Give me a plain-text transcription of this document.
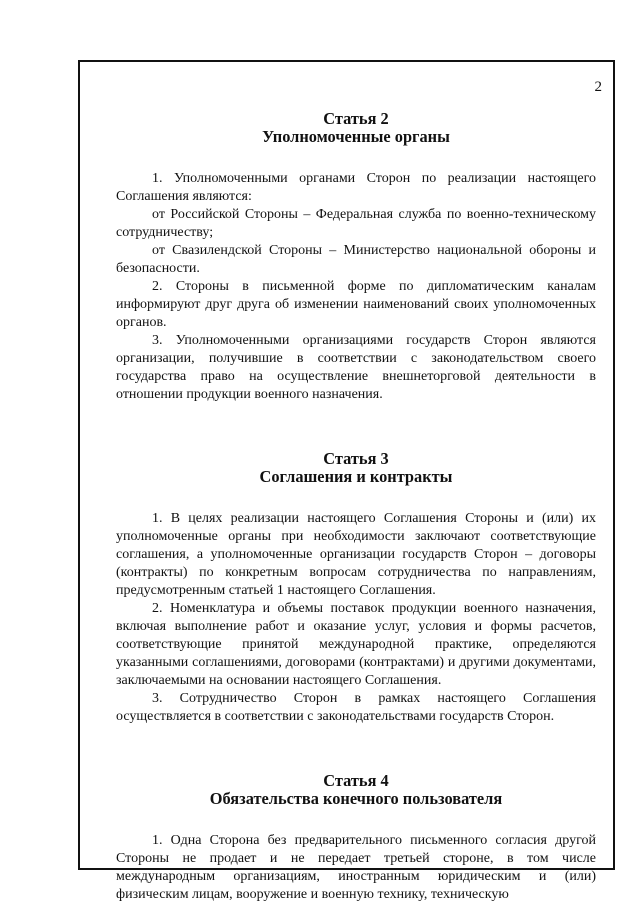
2
Статья 2
Уполномоченные органы

1. Уполномоченными органами Сторон по реализации настоящего Соглашения являются:

от Российской Стороны – Федеральная служба по военно-техническому сотрудничеству;

от Свазилендской Стороны – Министерство национальной обороны и безопасности.

2. Стороны в письменной форме по дипломатическим каналам информируют друг друга об изменении наименований своих уполномоченных органов.

3. Уполномоченными организациями государств Сторон являются организации, получившие в соответствии с законодательством своего государства право на осуществление внешнеторговой деятельности в отношении продукции военного назначения.

Статья 3
Соглашения и контракты

1. В целях реализации настоящего Соглашения Стороны и (или) их уполномоченные органы при необходимости заключают соответствующие соглашения, а уполномоченные организации государств Сторон – договоры (контракты) по конкретным вопросам сотрудничества по направлениям, предусмотренным статьей 1 настоящего Соглашения.

2. Номенклатура и объемы поставок продукции военного назначения, включая выполнение работ и оказание услуг, условия и формы расчетов, соответствующие принятой международной практике, определяются указанными соглашениями, договорами (контрактами) и другими документами, заключаемыми на основании настоящего Соглашения.

3. Сотрудничество Сторон в рамках настоящего Соглашения осуществляется в соответствии с законодательствами государств Сторон.

Статья 4
Обязательства конечного пользователя

1. Одна Сторона без предварительного письменного согласия другой Стороны не продает и не передает третьей стороне, в том числе международным организациям, иностранным юридическим и (или) физическим лицам, вооружение и военную технику, техническую
